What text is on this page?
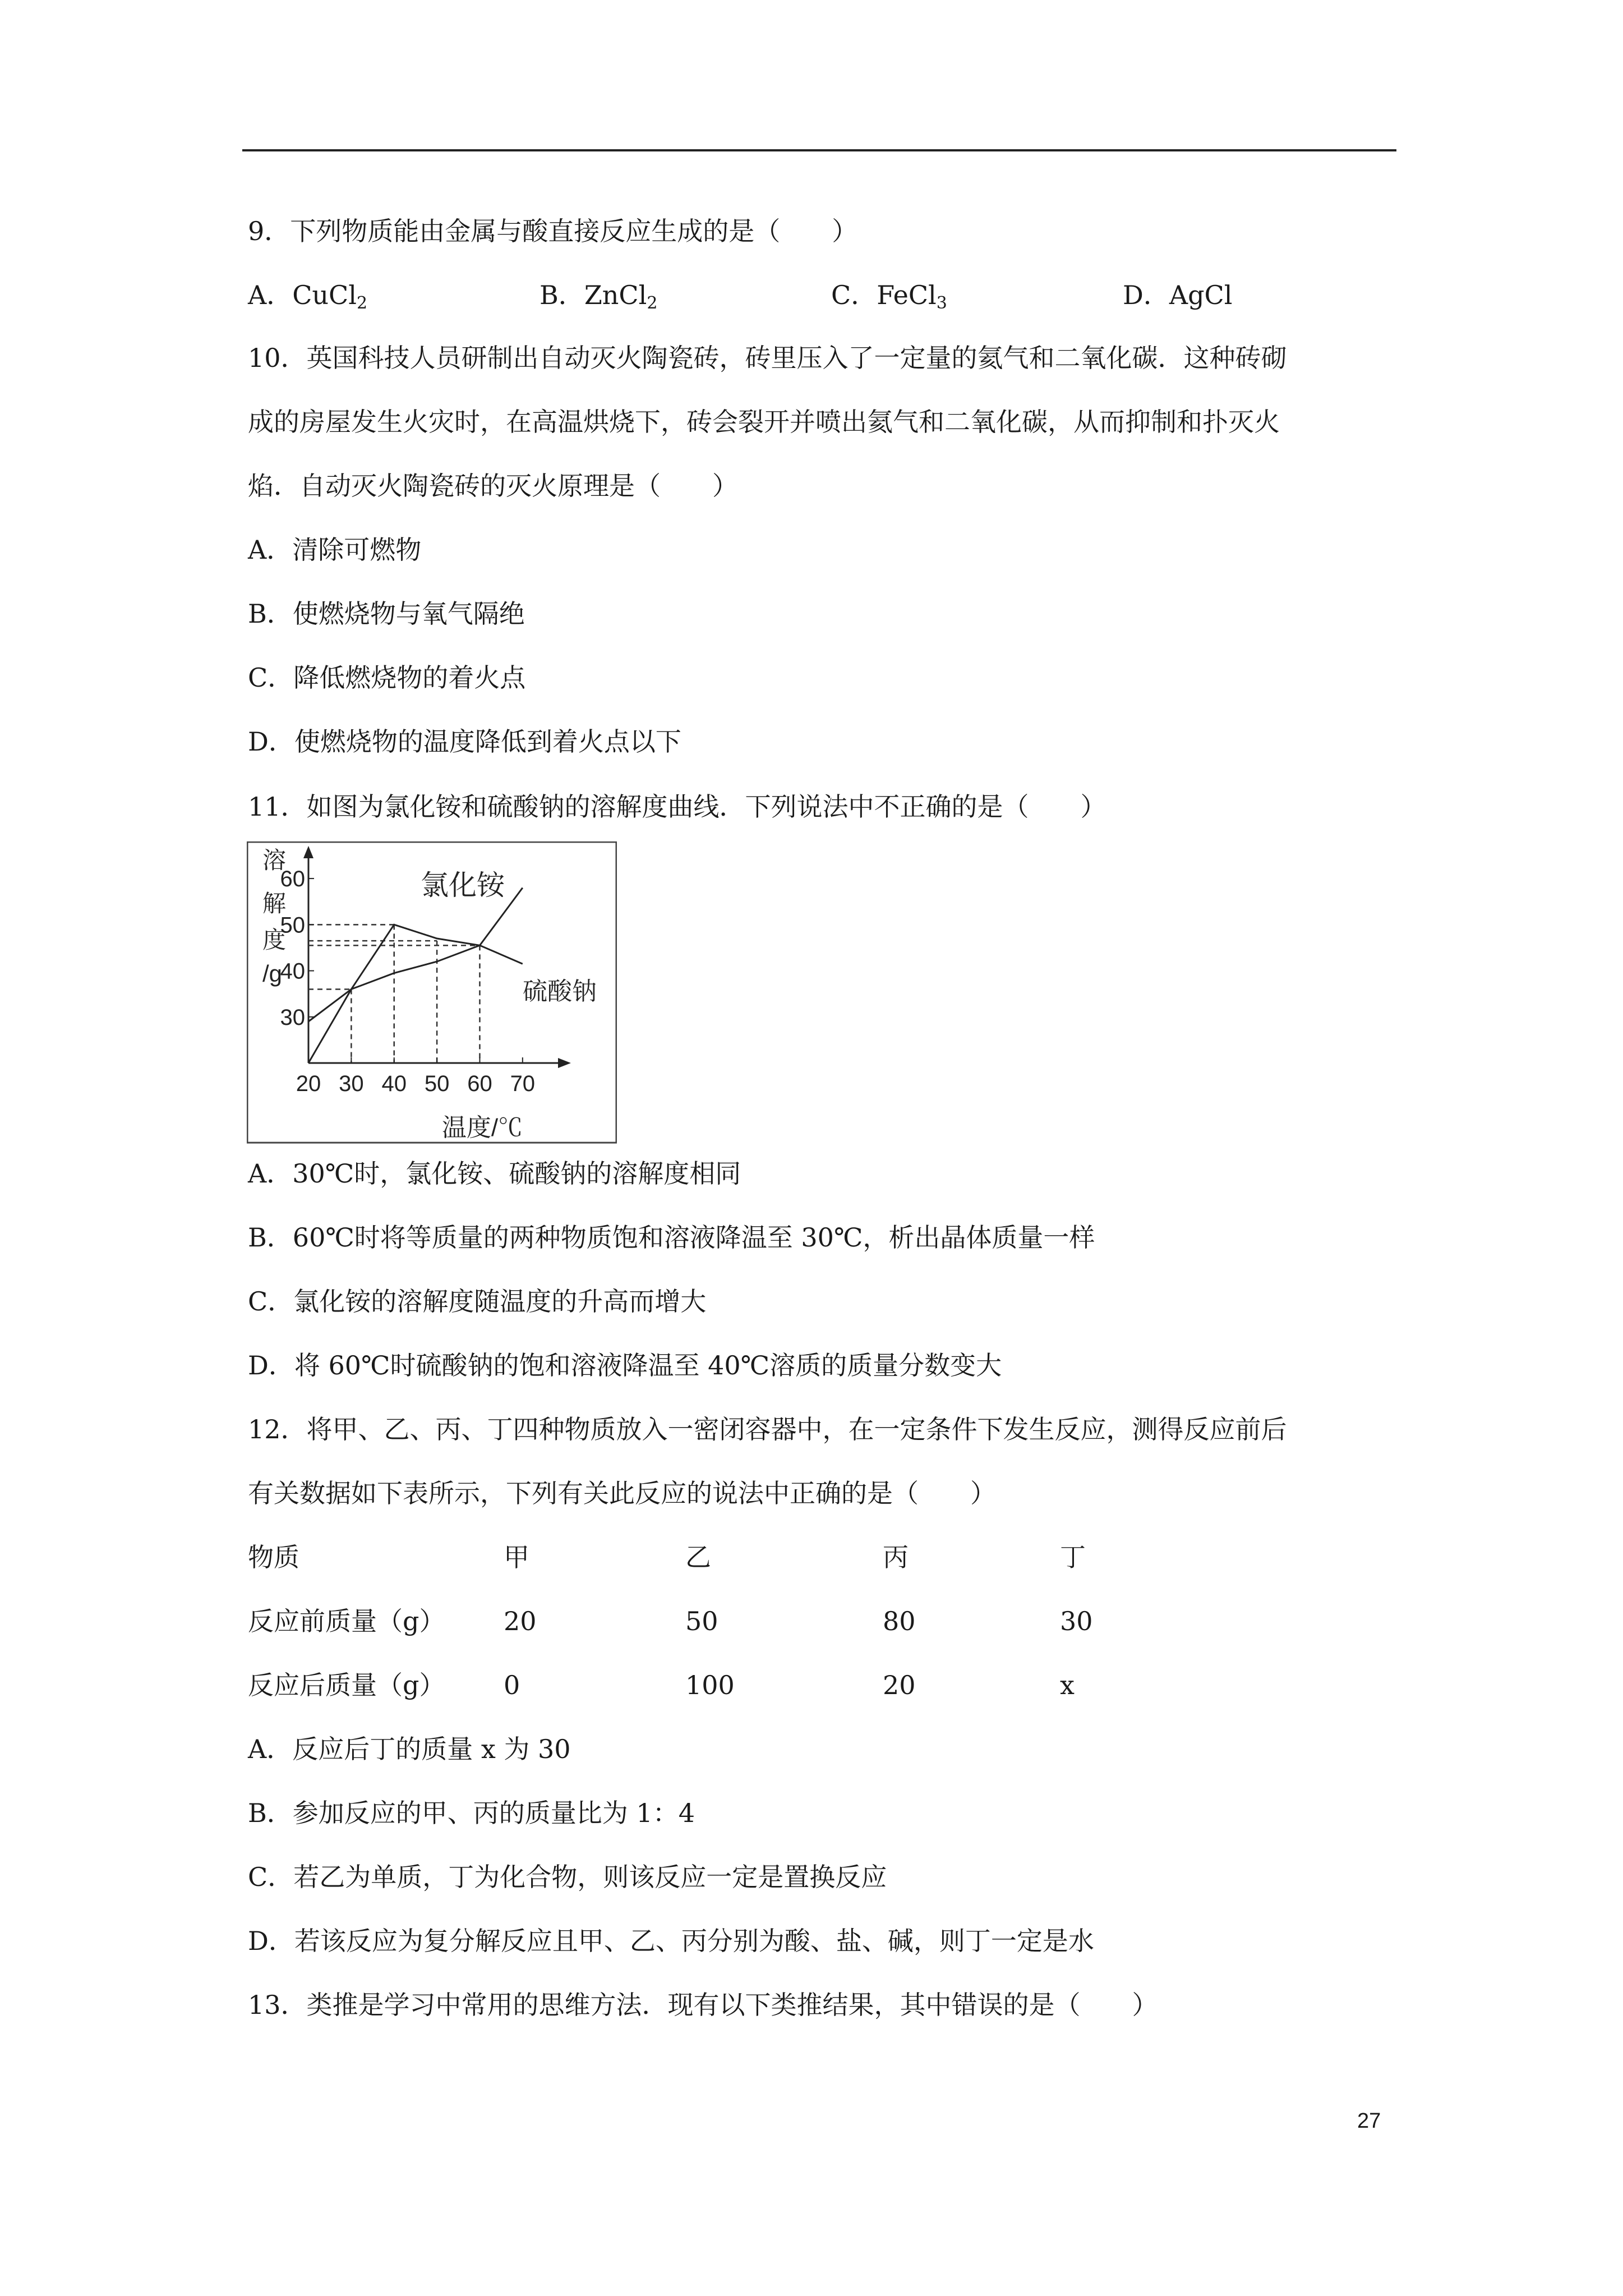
9．下列物质能由金属与酸直接反应生成的是（　　）
A．CuCl$_2$	B．ZnCl$_2$	C．FeCl$_3$	D．AgCl
10．英国科技人员研制出自动灭火陶瓷砖，砖里压入了一定量的氦气和二氧化碳．这种砖砌
成的房屋发生火灾时，在高温烘烧下，砖会裂开并喷出氦气和二氧化碳，从而抑制和扑灭火
焰．自动灭火陶瓷砖的灭火原理是（　　）
A．清除可燃物
B．使燃烧物与氧气隔绝
C．降低燃烧物的着火点
D．使燃烧物的温度降低到着火点以下
11．如图为氯化铵和硫酸钠的溶解度曲线．下列说法中不正确的是（　　）
溶
解
度
/g
20 30 40 50 60 70
30
40
50
60	氯化铵
硫酸钠
温度/℃
A．30℃时，氯化铵、硫酸钠的溶解度相同
B．60℃时将等质量的两种物质饱和溶液降温至 30℃，析出晶体质量一样
C．氯化铵的溶解度随温度的升高而增大
D．将 60℃时硫酸钠的饱和溶液降温至 40℃溶质的质量分数变大
12．将甲、乙、丙、丁四种物质放入一密闭容器中，在一定条件下发生反应，测得反应前后
有关数据如下表所示，下列有关此反应的说法中正确的是（　　）
物质	甲	乙	丙	丁
反应前质量（g） 20	50	80	30
反应后质量（g） 0	100	20	x
A．反应后丁的质量 x 为 30
B．参加反应的甲、丙的质量比为 1：4
C．若乙为单质，丁为化合物，则该反应一定是置换反应
D．若该反应为复分解反应且甲、乙、丙分别为酸、盐、碱，则丁一定是水
13．类推是学习中常用的思维方法．现有以下类推结果，其中错误的是（　　）
27
